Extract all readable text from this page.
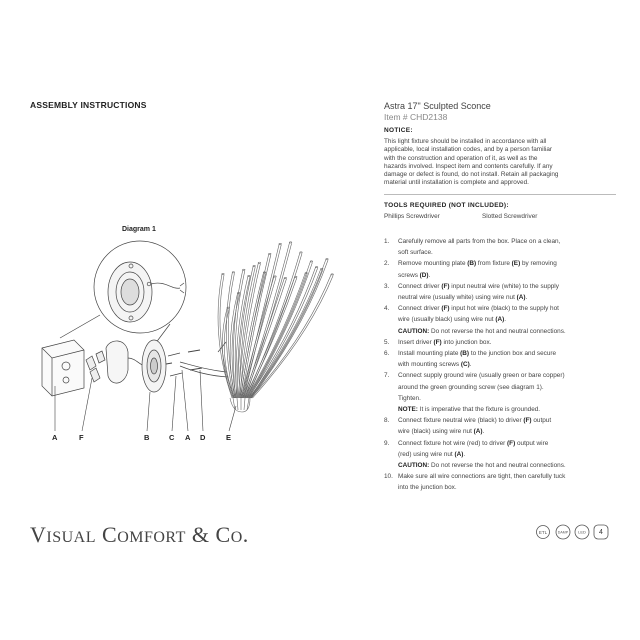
ASSEMBLY INSTRUCTIONS	Astra 17" Sculpted Sconce
Item # CHD2138
NOTICE:
This light fixture should be installed in accordance with all
applicable, local installation codes, and by a person familiar
with the construction and operation of it, as well as the
hazards involved. Inspect item and contents carefully. If any
damage or defect is found, do not install. Retain all packaging
material until installation is complete and approved.
TOOLS REQUIRED (NOT INCLUDED):
Phillips Screwdriver	Slotted Screwdriver
1. Carefully remove all parts from the box. Place on a clean,
soft surface.
2. Remove mounting plate (B) from fixture (E) by removing
screws (D).
3. Connect driver (F) input neutral wire (white) to the supply
neutral wire (usually white) using wire nut (A).
4. Connect driver (F) input hot wire (black) to the supply hot
wire (usually black) using wire nut (A).
CAUTION: Do not reverse the hot and neutral connections.
5. Insert driver (F) into junction box.
6. Install mounting plate (B) to the junction box and secure
with mounting screws (C).
7. Connect supply ground wire (usually green or bare copper)
around the green grounding screw (see diagram 1).
Tighten.
NOTE: It is imperative that the fixture is grounded.
8. Connect fixture neutral wire (black) to driver (F) output
wire (black) using wire nut (A).
9. Connect fixture hot wire (red) to driver (F) output wire
(red) using wire nut (A).
CAUTION: Do not reverse the hot and neutral connections.
10. Make sure all wire connections are tight, then carefully tuck
into the junction box.
Diagram 1
A	F	B	C A D	E
VISUAL COMFORT & CO.	ETL	DAMP LED 4
